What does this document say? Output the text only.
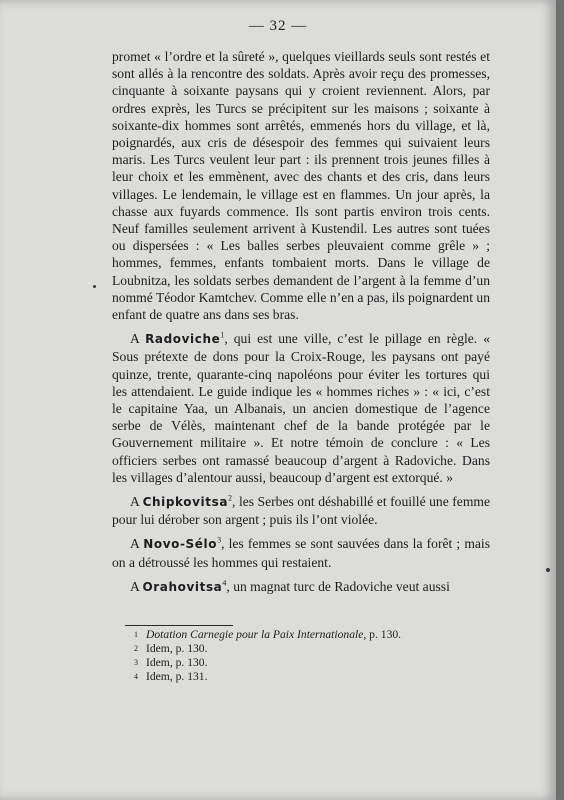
— 32 —

promet « l’ordre et la sûreté », quelques vieillards seuls sont restés et sont allés à la rencontre des soldats. Après avoir reçu des promesses, cinquante à soixante paysans qui y croient reviennent. Alors, par ordres exprès, les Turcs se précipitent sur les maisons ; soixante à soixante-dix hommes sont arrêtés, emmenés hors du village, et là, poignardés, aux cris de désespoir des femmes qui suivaient leurs maris. Les Turcs veulent leur part : ils prennent trois jeunes filles à leur choix et les emmènent, avec des chants et des cris, dans leurs villages. Le lendemain, le village est en flammes. Un jour après, la chasse aux fuyards commence. Ils sont partis environ trois cents. Neuf familles seulement arrivent à Kustendil. Les autres sont tuées ou dispersées : « Les balles serbes pleuvaient comme grêle » ; hommes, femmes, enfants tombaient morts. Dans le village de Loubnitza, les soldats serbes demandent de l’argent à la femme d’un nommé Téodor Kamtchev. Comme elle n’en a pas, ils poignardent un enfant de quatre ans dans ses bras.

A Radoviche$^1$, qui est une ville, c’est le pillage en règle. « Sous prétexte de dons pour la Croix-Rouge, les paysans ont payé quinze, trente, quarante-cinq napoléons pour éviter les tortures qui les attendaient. Le guide indique les « hommes riches » : « ici, c’est le capitaine Yaa, un Albanais, un ancien domestique de l’agence serbe de Vélès, maintenant chef de la bande protégée par le Gouvernement militaire ». Et notre témoin de conclure : « Les officiers serbes ont ramassé beaucoup d’argent à Radoviche. Dans les villages d’alentour aussi, beaucoup d’argent est extorqué. »

A Chipkovitsa$^2$, les Serbes ont déshabillé et fouillé une femme pour lui dérober son argent ; puis ils l’ont violée.

A Novo-Sélo$^3$, les femmes se sont sauvées dans la forêt ; mais on a détroussé les hommes qui restaient.

A Orahovitsa$^4$, un magnat turc de Radoviche veut aussi

1 Dotation Carnegie pour la Paix Internationale, p. 130.
2 Idem, p. 130.
3 Idem, p. 130.
4 Idem, p. 131.
